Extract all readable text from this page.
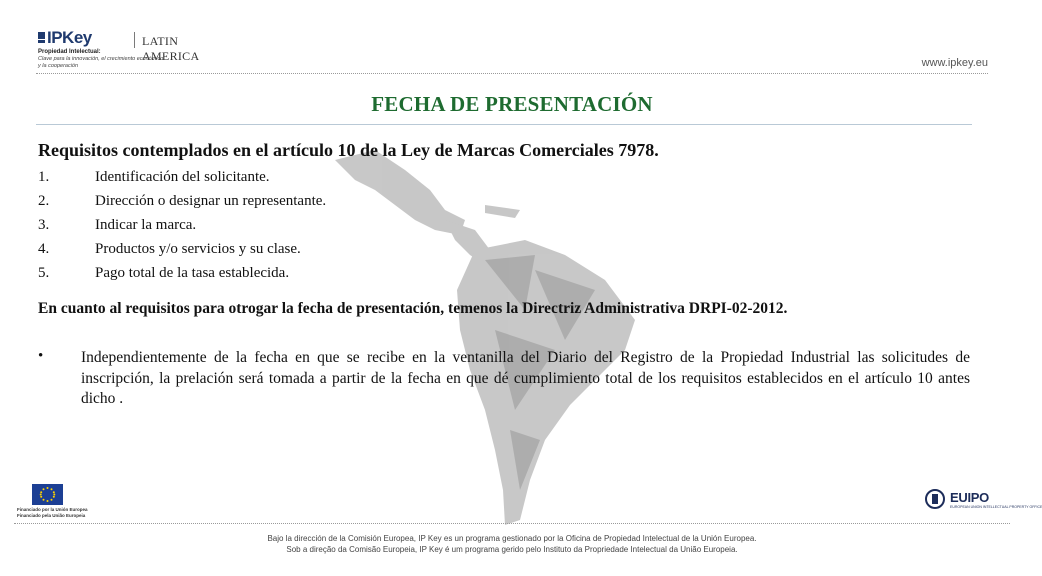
IPKey	LATIN AMERICA
Propiedad Intelectual:
Clave para la innovación, el crecimiento económico
y la cooperación	www.ipkey.eu
FECHA DE PRESENTACIÓN
Requisitos contemplados en el artículo 10 de la Ley de Marcas Comerciales 7978.
1.	Identificación del solicitante.
2.	Dirección o designar un representante.
3.	Indicar la marca.
4.	Productos y/o servicios y su clase.
5.	Pago total de la tasa establecida.
En cuanto al requisitos para otrogar la fecha de presentación, temenos la Directriz Administrativa DRPI-02-2012.
• Independientemente de la fecha en que se recibe en la ventanilla del Diario del Registro de la Propiedad Industrial las solicitudes de inscripción, la prelación será tomada a partir de la fecha en que dé cumplimiento total de los requisitos establecidos en el artículo 10 antes dicho .
Financiado por la Unión Europea
Financiado pela União Europeia
EUIPO
EUROPEAN UNION INTELLECTUAL PROPERTY OFFICE
Bajo la dirección de la Comisión Europea, IP Key es un programa gestionado por la Oficina de Propiedad Intelectual de la Unión Europea.
Sob a direção da Comisão Europeia, IP Key é um programa gerido pelo Instituto da Propriedade Intelectual da União Europeia.
